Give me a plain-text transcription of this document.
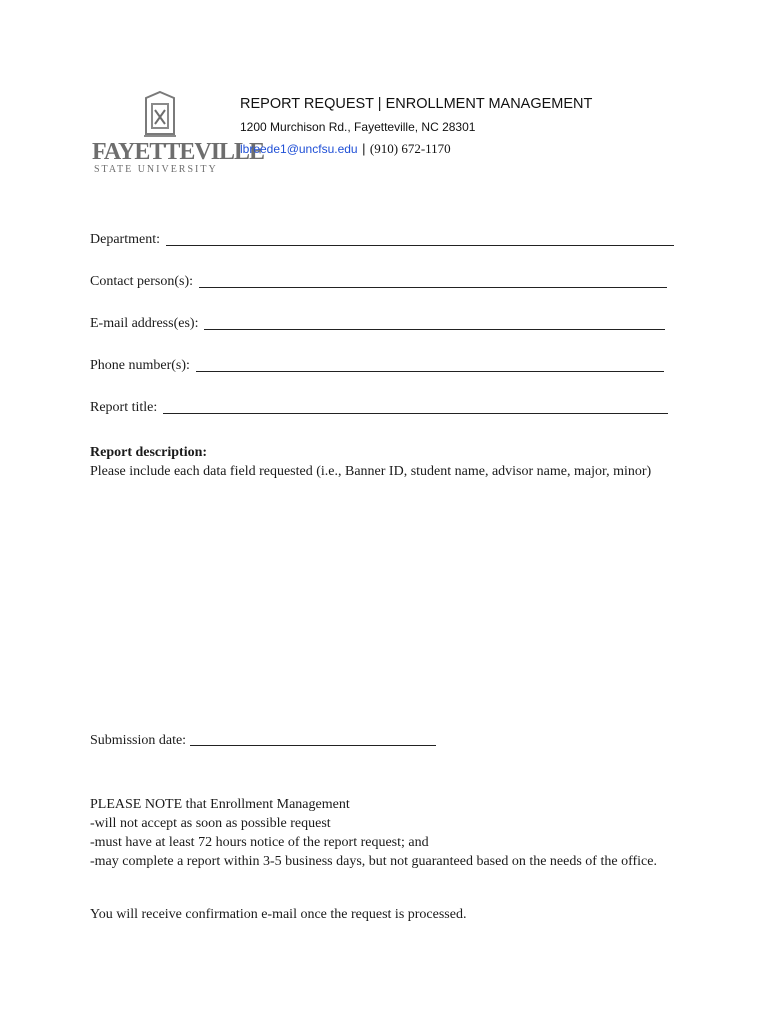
FAYETTEVILLE
STATE UNIVERSITY
REPORT REQUEST | ENROLLMENT MANAGEMENT
1200 Murchison Rd., Fayetteville, NC 28301
lbreede1@uncfsu.edu | (910) 672-1170
Department:
Contact person(s):
E-mail address(es):
Phone number(s):
Report title:
Report description:
Please include each data field requested (i.e., Banner ID, student name, advisor name, major, minor)
Submission date:

PLEASE NOTE that Enrollment Management

-will not accept as soon as possible request

-must have at least 72 hours notice of the report request; and

-may complete a report within 3-5 business days, but not guaranteed based on the needs of the office.

You will receive confirmation e-mail once the request is processed.
